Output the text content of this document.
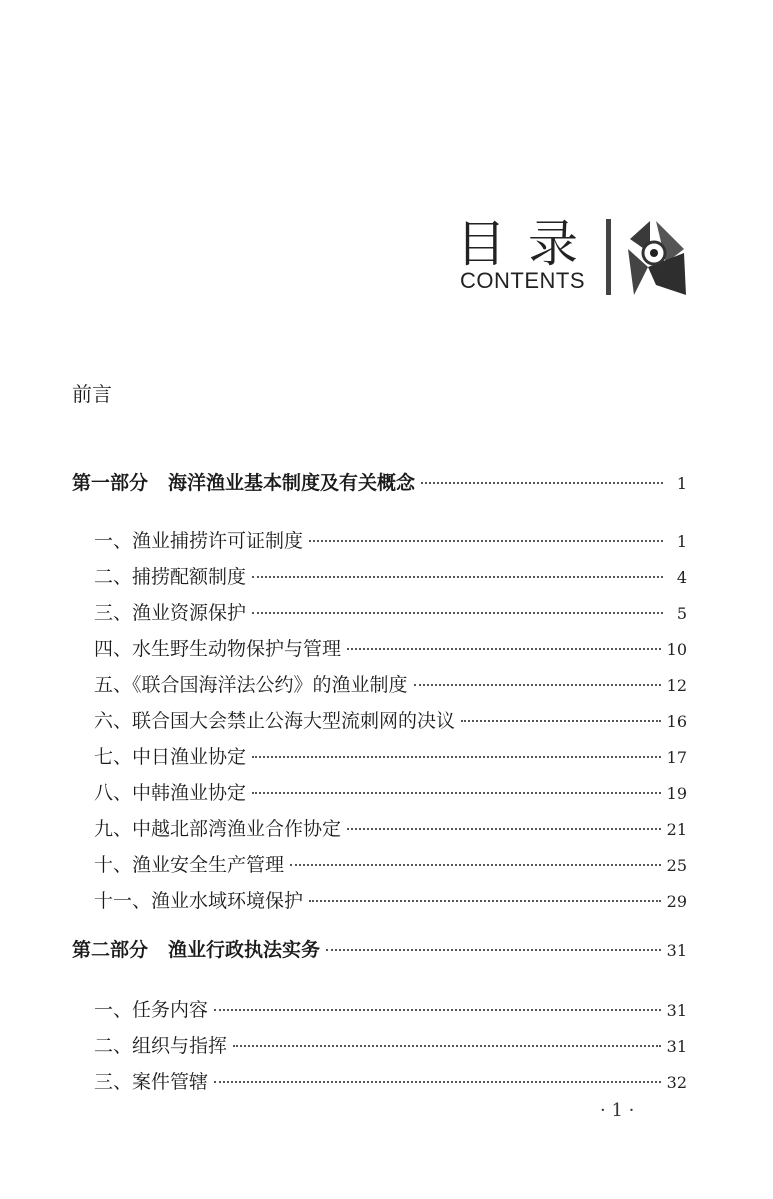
目录
CONTENTS
前言
第一部分 海洋渔业基本制度及有关概念	1
一、渔业捕捞许可证制度	1
二、捕捞配额制度	4
三、渔业资源保护	5
四、水生野生动物保护与管理	10
五、《联合国海洋法公约》的渔业制度	12
六、联合国大会禁止公海大型流刺网的决议	16
七、中日渔业协定	17
八、中韩渔业协定	19
九、中越北部湾渔业合作协定	21
十、渔业安全生产管理	25
十一、渔业水域环境保护	29
第二部分 渔业行政执法实务	31
一、任务内容	31
二、组织与指挥	31
三、案件管辖	32
· 1 ·
